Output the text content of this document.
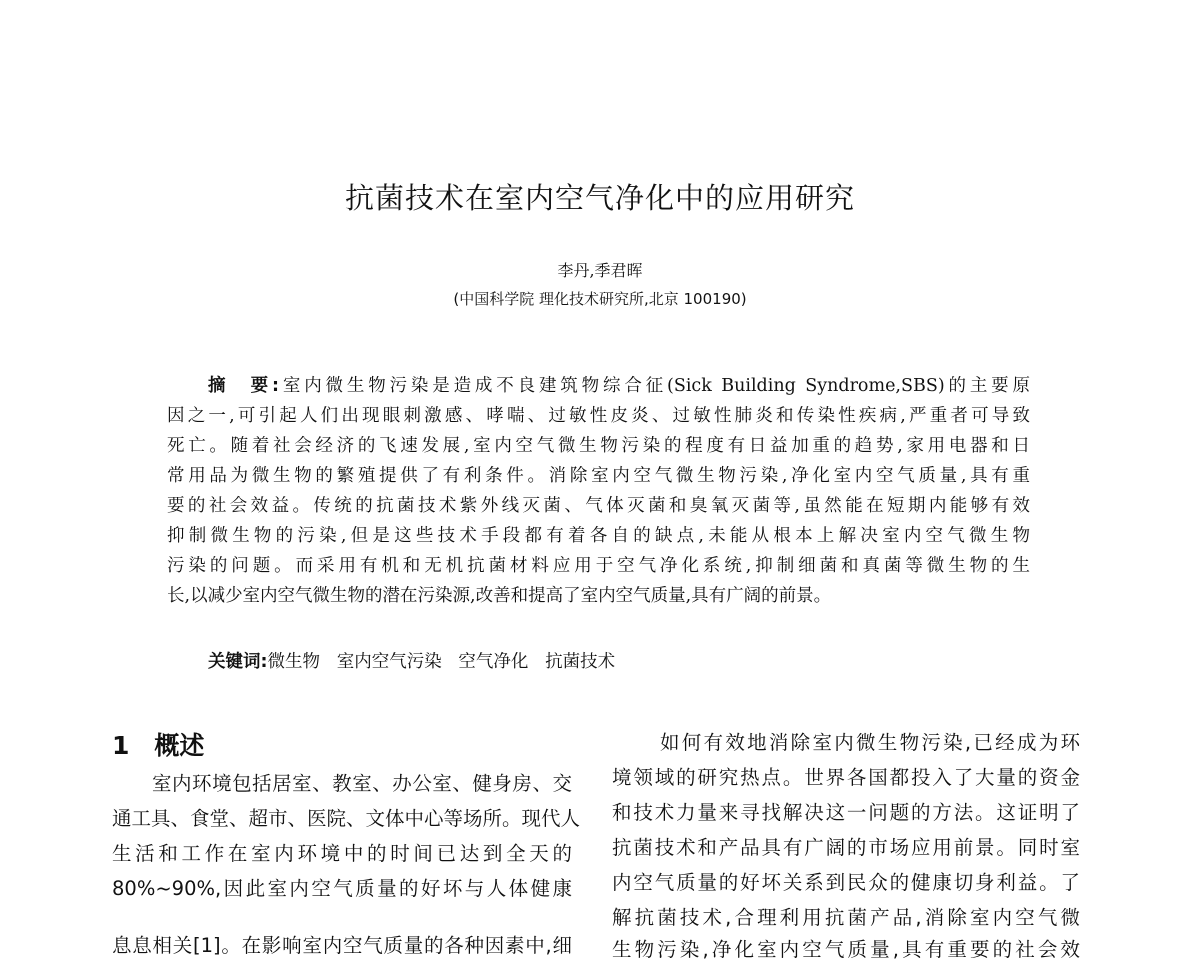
抗菌技术在室内空气净化中的应用研究
李丹,季君晖
(中国科学院 理化技术研究所,北京 100190)
摘　要:室内微生物污染是造成不良建筑物综合征(Sick Building Syndrome,SBS)的主要原
因之一,可引起人们出现眼刺激感、哮喘、过敏性皮炎、过敏性肺炎和传染性疾病,严重者可导致
死亡。随着社会经济的飞速发展,室内空气微生物污染的程度有日益加重的趋势,家用电器和日
常用品为微生物的繁殖提供了有利条件。消除室内空气微生物污染,净化室内空气质量,具有重
要的社会效益。传统的抗菌技术紫外线灭菌、气体灭菌和臭氧灭菌等,虽然能在短期内能够有效
抑制微生物的污染,但是这些技术手段都有着各自的缺点,未能从根本上解决室内空气微生物
污染的问题。而采用有机和无机抗菌材料应用于空气净化系统,抑制细菌和真菌等微生物的生
长,以减少室内空气微生物的潜在污染源,改善和提高了室内空气质量,具有广阔的前景。
关键词:微生物 室内空气污染 空气净化 抗菌技术
1　概述
室内环境包括居室、教室、办公室、健身房、交
通工具、食堂、超市、医院、文体中心等场所。现代人
生活和工作在室内环境中的时间已达到全天的
80%~90%,因此室内空气质量的好坏与人体健康
息息相关[1]。在影响室内空气质量的各种因素中,细
如何有效地消除室内微生物污染,已经成为环
境领域的研究热点。世界各国都投入了大量的资金
和技术力量来寻找解决这一问题的方法。这证明了
抗菌技术和产品具有广阔的市场应用前景。同时室
内空气质量的好坏关系到民众的健康切身利益。了
解抗菌技术,合理利用抗菌产品,消除室内空气微
生物污染,净化室内空气质量,具有重要的社会效
